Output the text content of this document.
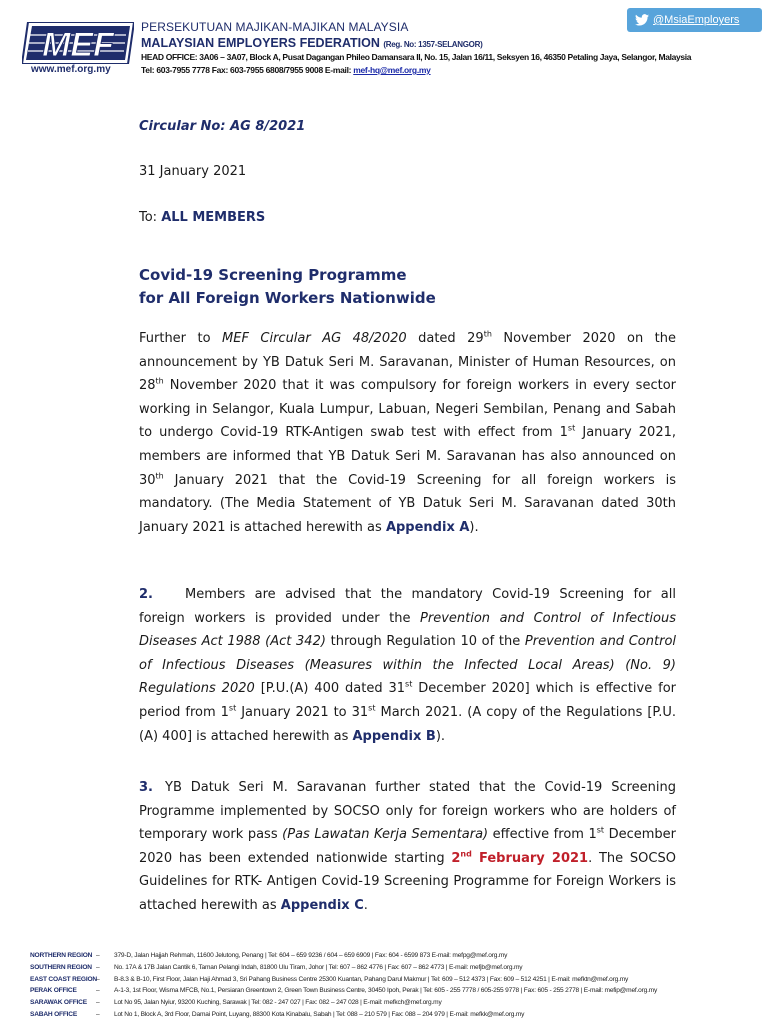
MEF
www.mef.org.my
PERSEKUTUAN MAJIKAN-MAJIKAN MALAYSIA
MALAYSIAN EMPLOYERS FEDERATION (Reg. No: 1357-SELANGOR)
HEAD OFFICE: 3A06 – 3A07, Block A, Pusat Dagangan Phileo Damansara II, No. 15, Jalan 16/11, Seksyen 16, 46350 Petaling Jaya, Selangor, Malaysia
Tel: 603-7955 7778 Fax: 603-7955 6808/7955 9008 E-mail: mef-hq@mef.org.my
@MsiaEmployers
Circular No: AG 8/2021
31 January 2021
To: ALL MEMBERS
Covid-19 Screening Programme
for All Foreign Workers Nationwide
Further to MEF Circular AG 48/2020 dated 29th November 2020 on the announcement by YB Datuk Seri M. Saravanan, Minister of Human Resources, on 28th November 2020 that it was compulsory for foreign workers in every sector working in Selangor, Kuala Lumpur, Labuan, Negeri Sembilan, Penang and Sabah to undergo Covid-19 RTK-Antigen swab test with effect from 1st January 2021, members are informed that YB Datuk Seri M. Saravanan has also announced on 30th January 2021 that the Covid-19 Screening for all foreign workers is mandatory. (The Media Statement of YB Datuk Seri M. Saravanan dated 30th January 2021 is attached herewith as Appendix A).
2. Members are advised that the mandatory Covid-19 Screening for all foreign workers is provided under the Prevention and Control of Infectious Diseases Act 1988 (Act 342) through Regulation 10 of the Prevention and Control of Infectious Diseases (Measures within the Infected Local Areas) (No. 9) Regulations 2020 [P.U.(A) 400 dated 31st December 2020] which is effective for period from 1st January 2021 to 31st March 2021. (A copy of the Regulations [P.U.(A) 400] is attached herewith as Appendix B).
3. YB Datuk Seri M. Saravanan further stated that the Covid-19 Screening Programme implemented by SOCSO only for foreign workers who are holders of temporary work pass (Pas Lawatan Kerja Sementara) effective from 1st December 2020 has been extended nationwide starting 2nd February 2021. The SOCSO Guidelines for RTK- Antigen Covid-19 Screening Programme for Foreign Workers is attached herewith as Appendix C.
NORTHERN REGION –	379-D, Jalan Hajjah Rehmah, 11600 Jelutong, Penang | Tel: 604 – 659 9236 / 604 – 659 6909 | Fax: 604 - 6599 873 E-mail: mefpg@mef.org.my
SOUTHERN REGION –	No. 17A & 17B Jalan Cantik 6, Taman Pelangi Indah, 81800 Ulu Tiram, Johor | Tel: 607 – 862 4776 | Fax: 607 – 862 4773 | E-mail: mefjb@mef.org.my
EAST COAST REGION –	B-8.3 & B-10, First Floor, Jalan Haji Ahmad 3, Sri Pahang Business Centre 25300 Kuantan, Pahang Darul Makmur | Tel: 609 – 512 4373 | Fax: 609 – 512 4251 | E-mail: mefktn@mef.org.my
PERAK OFFICE	–	A-1-3, 1st Floor, Wisma MFCB, No.1, Persiaran Greentown 2, Green Town Business Centre, 30450 Ipoh, Perak | Tel: 605 - 255 7778 / 605-255 9778 | Fax: 605 - 255 2778 | E-mail: mefip@mef.org.my
SARAWAK OFFICE	–	Lot No 95, Jalan Nyiur, 93200 Kuching, Sarawak | Tel: 082 - 247 027 | Fax: 082 – 247 028 | E-mail: mefkch@mef.org.my
SABAH OFFICE	–	Lot No 1, Block A, 3rd Floor, Damai Point, Luyang, 88300 Kota Kinabalu, Sabah | Tel: 088 – 210 579 | Fax: 088 – 204 979 | E-mail: mefkk@mef.org.my
